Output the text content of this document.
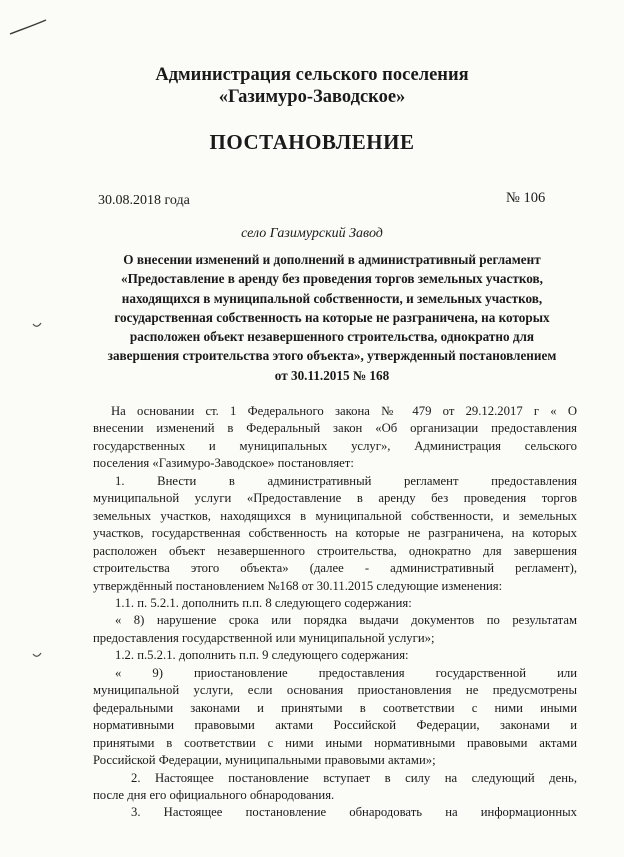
Администрация сельского поселения
«Газимуро-Заводское»
ПОСТАНОВЛЕНИЕ
30.08.2018 года	№ 106
село Газимурский Завод
О внесении изменений и дополнений в административный регламент
«Предоставление в аренду без проведения торгов земельных участков,
находящихся в муниципальной собственности, и земельных участков,
государственная собственность на которые не разграничена, на которых
расположен объект незавершенного строительства, однократно для
завершения строительства этого объекта», утвержденный постановлением
от 30.11.2015 № 168
На основании ст. 1 Федерального закона № 479 от 29.12.2017 г « О
внесении изменений в Федеральный закон «Об организации предоставления
государственных и муниципальных услуг», Администрация сельского
поселения «Газимуро-Заводское» постановляет:
1. Внести в административный регламент предоставления
муниципальной услуги «Предоставление в аренду без проведения торгов
земельных участков, находящихся в муниципальной собственности, и земельных
участков, государственная собственность на которые не разграничена, на которых
расположен объект незавершенного строительства, однократно для завершения
строительства этого объекта» (далее - административный регламент),
утверждённый постановлением №168 от 30.11.2015 следующие изменения:
1.1. п. 5.2.1. дополнить п.п. 8 следующего содержания:
« 8) нарушение срока или порядка выдачи документов по результатам
предоставления государственной или муниципальной услуги»;
1.2. п.5.2.1. дополнить п.п. 9 следующего содержания:
« 9) приостановление предоставления государственной или
муниципальной услуги, если основания приостановления не предусмотрены
федеральными законами и принятыми в соответствии с ними иными
нормативными правовыми актами Российской Федерации, законами и
принятыми в соответствии с ними иными нормативными правовыми актами
Российской Федерации, муниципальными правовыми актами»;
2. Настоящее постановление вступает в силу на следующий день,
после дня его официального обнародования.
3. Настоящее постановление обнародовать на информационных
